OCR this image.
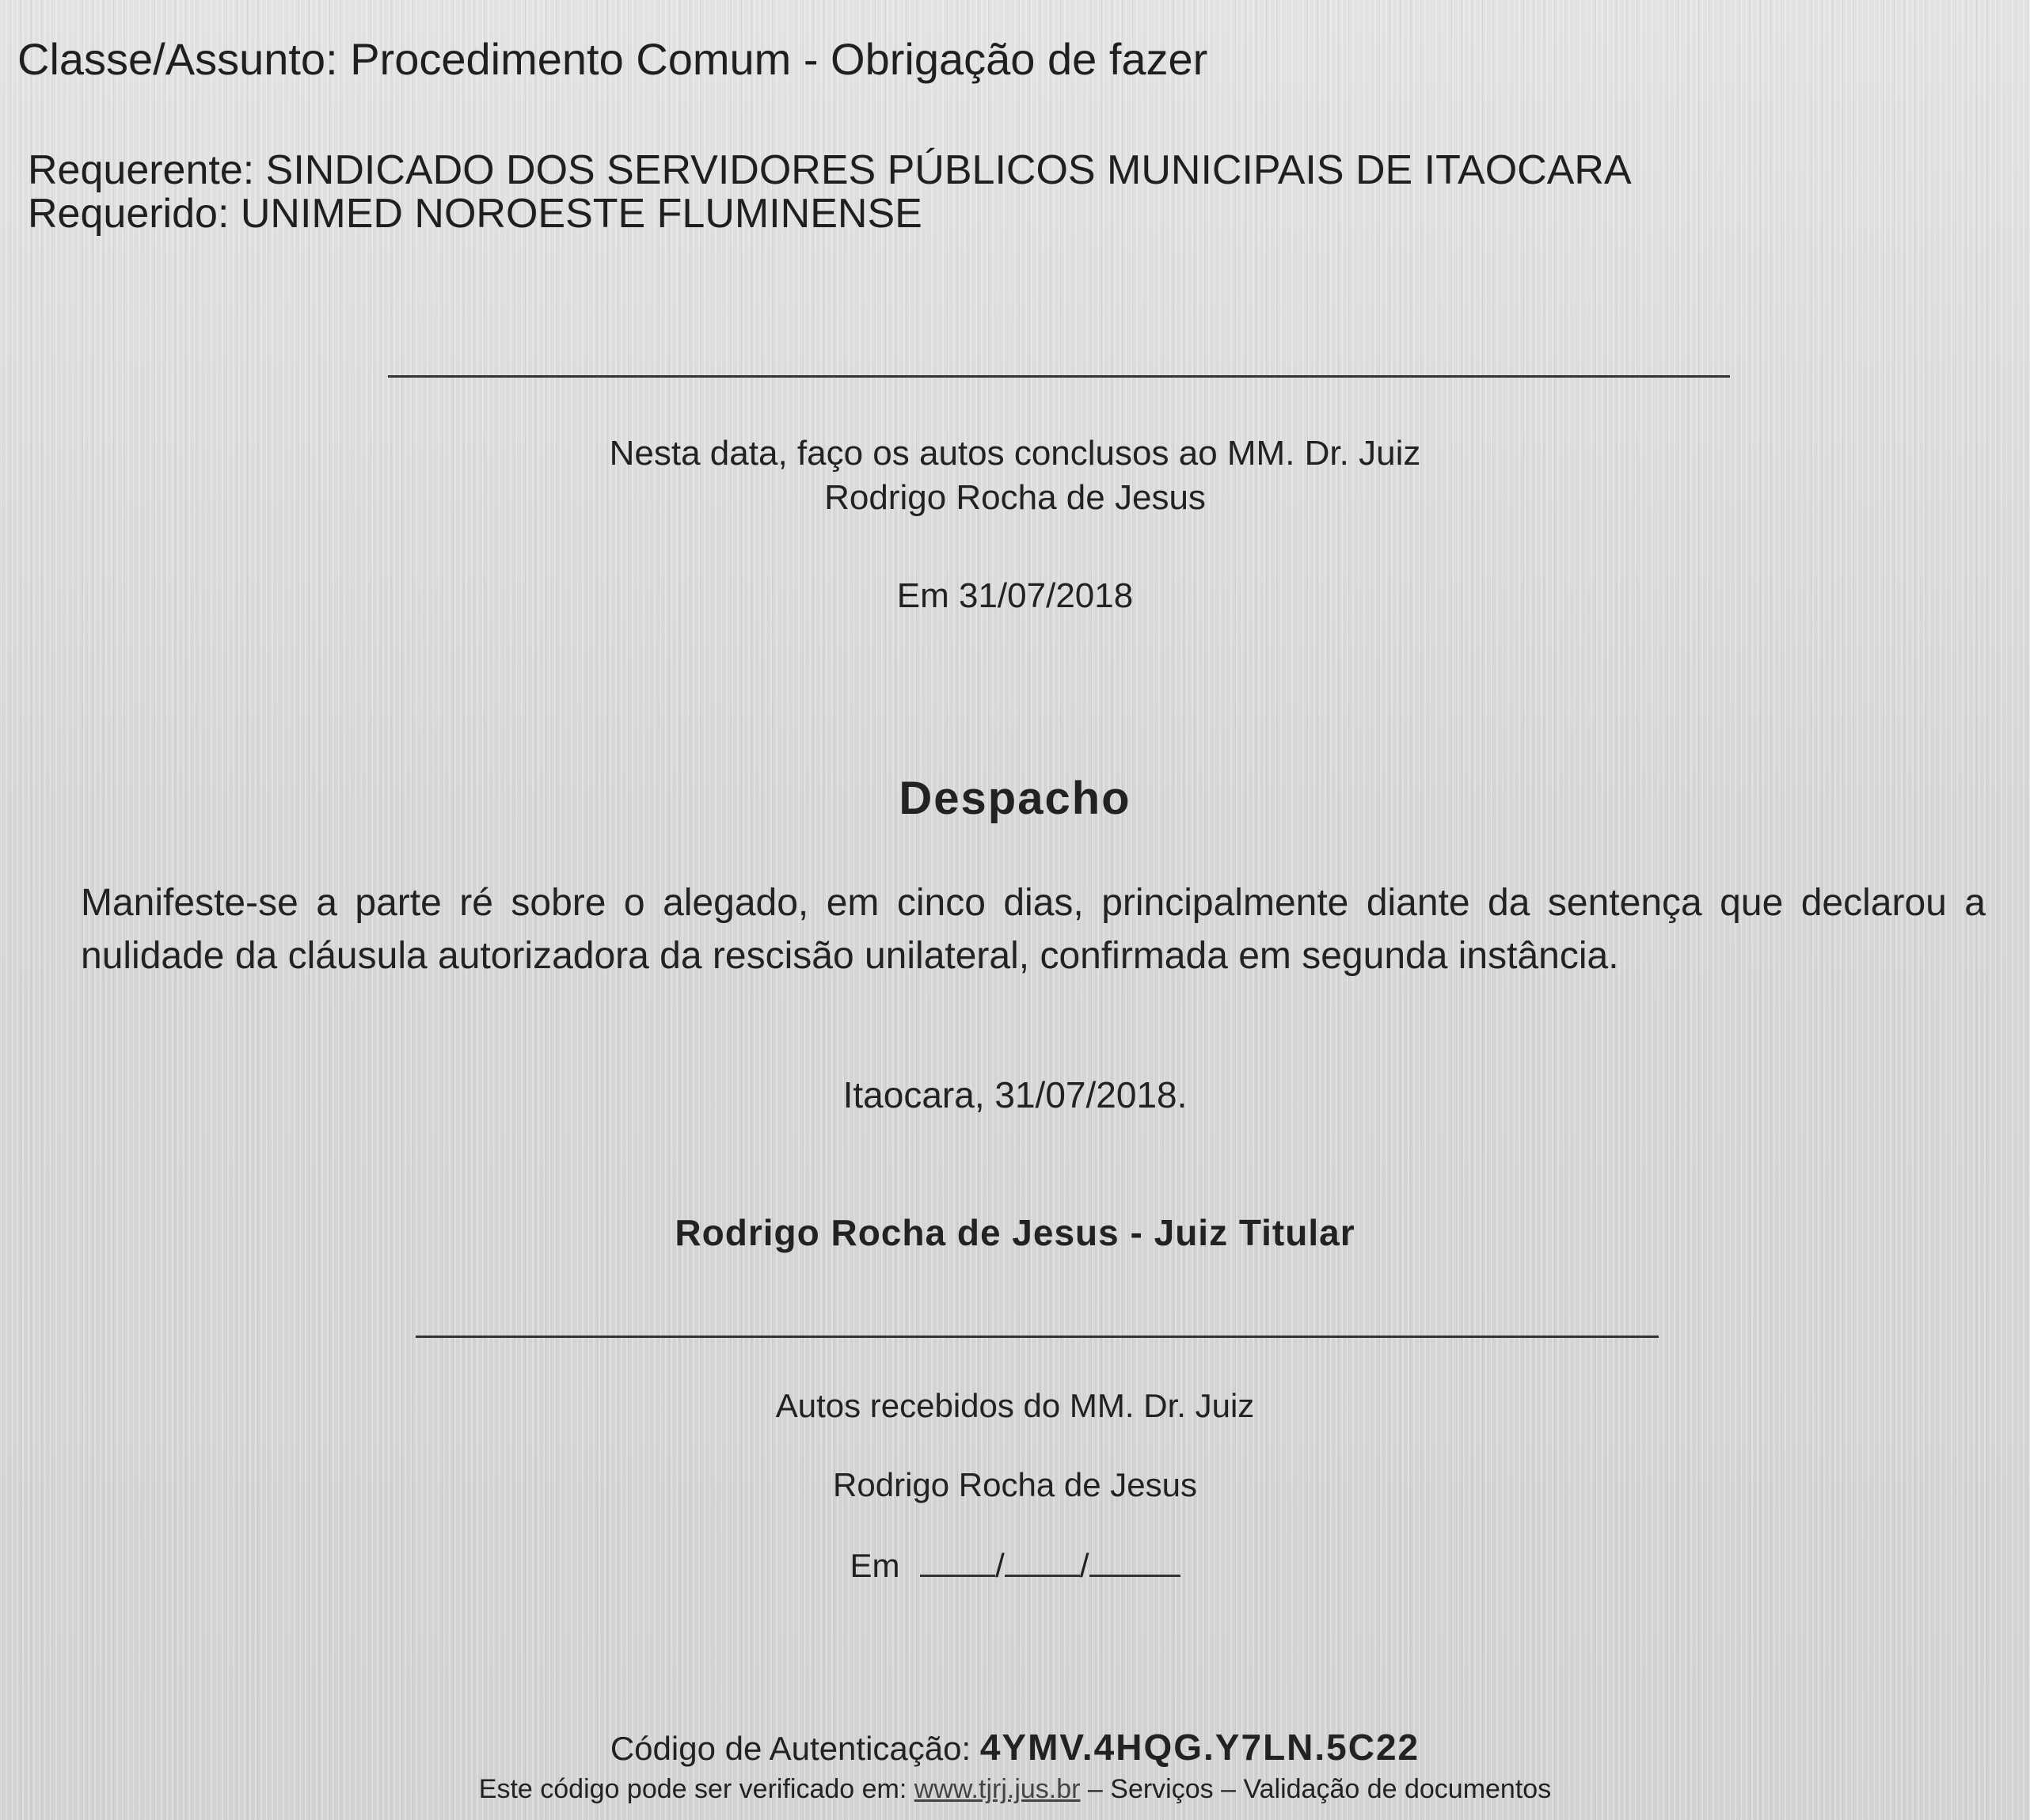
Classe/Assunto: Procedimento Comum - Obrigação de fazer
Requerente: SINDICADO DOS SERVIDORES PÚBLICOS MUNICIPAIS DE ITAOCARA
Requerido: UNIMED NOROESTE FLUMINENSE
Nesta data, faço os autos conclusos ao MM. Dr. Juiz
Rodrigo Rocha de Jesus
Em 31/07/2018
Despacho
Manifeste-se a parte ré sobre o alegado, em cinco dias, principalmente diante da sentença que declarou a nulidade da cláusula autorizadora da rescisão unilateral, confirmada em segunda instância.
Itaocara, 31/07/2018.
Rodrigo Rocha de Jesus - Juiz Titular
Autos recebidos do MM. Dr. Juiz
Rodrigo Rocha de Jesus
Em	/ /
Código de Autenticação: 4YMV.4HQG.Y7LN.5C22
Este código pode ser verificado em: www.tjrj.jus.br – Serviços – Validação de documentos
